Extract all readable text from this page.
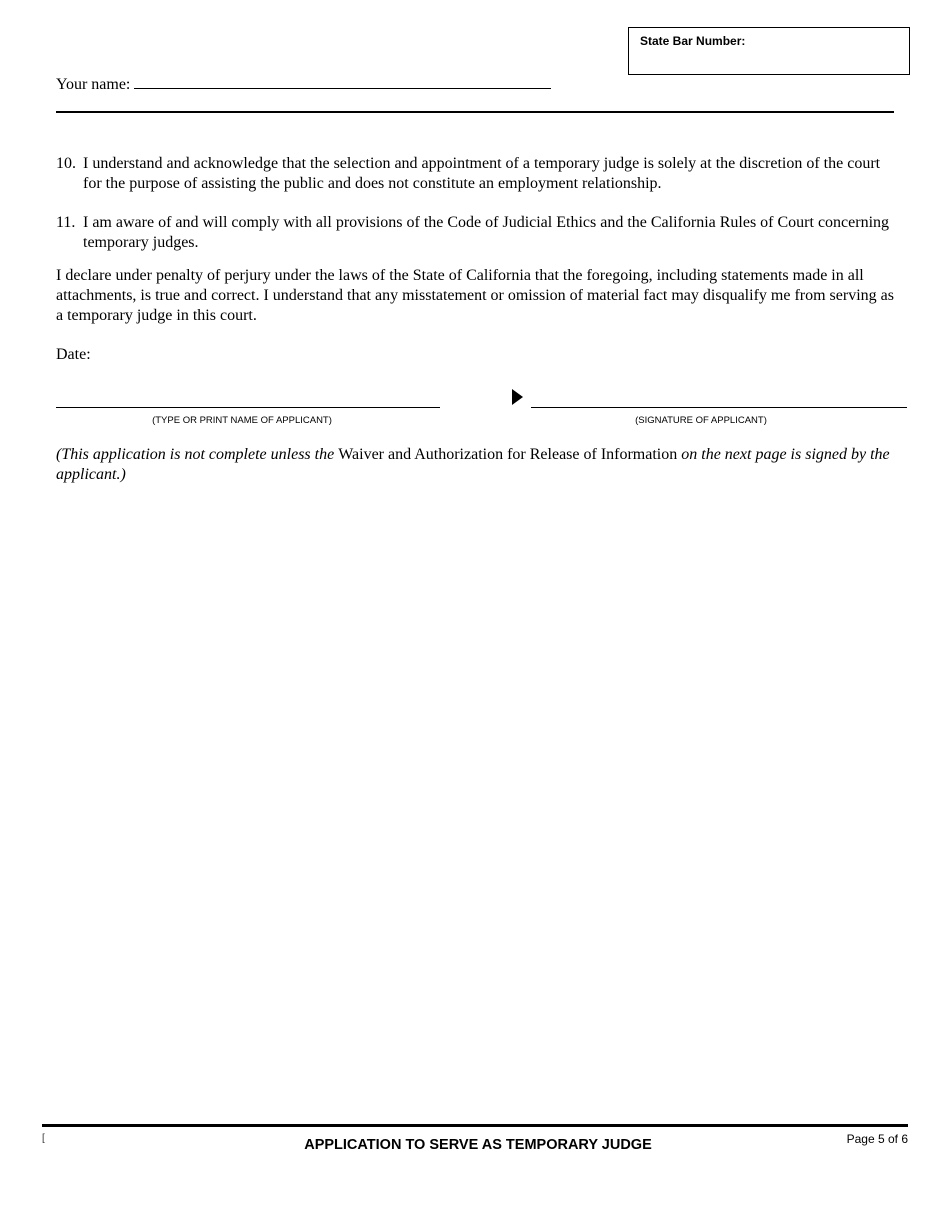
State Bar Number:
Your name:
10. I understand and acknowledge that the selection and appointment of a temporary judge is solely at the discretion of the court for the purpose of assisting the public and does not constitute an employment relationship.
11. I am aware of and will comply with all provisions of the Code of Judicial Ethics and the California Rules of Court concerning temporary judges.
I declare under penalty of perjury under the laws of the State of California that the foregoing, including statements made in all attachments, is true and correct. I understand that any misstatement or omission of material fact may disqualify me from serving as a temporary judge in this court.
Date:
(TYPE OR PRINT NAME OF APPLICANT)	(SIGNATURE OF APPLICANT)
(This application is not complete unless the Waiver and Authorization for Release of Information on the next page is signed by the applicant.)
[	APPLICATION TO SERVE AS TEMPORARY JUDGE	Page 5 of 6
